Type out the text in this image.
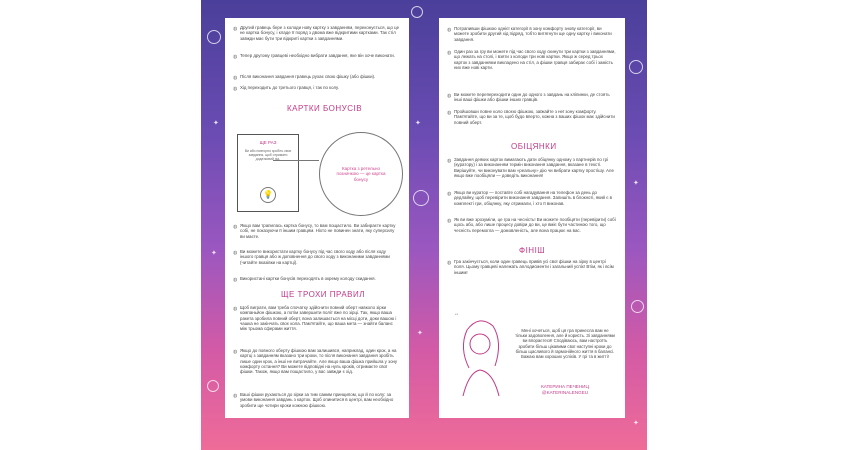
✦	✦
✦
✦
✦
✦
◍ Другий гравець бере з колоди нову картку з завданням, переконується, що це не картка бонусу, і кладе її поряд з двома вже відкритими картками. Так стіл завжди має бути три відкриті картки з завданнями.
◍ Тепер другому гравцеві необхідно вибрати завдання, яке він хоче виконати.
◍ Після виконання завдання гравець рухає свою фішку (або фішки).
◍ Хід переходить до третього гравця, і так по колу.
КАРТКИ БОНУСІВ
ЩЕ РАЗ
Ви або повторно зробіть своє завдання, щоб отримати додатковий хід.
💡
Картка з ретельно позначкою — це картка бонусу
◍ Якщо вам трапилась картка бонусу, то вам пощастило. Ви забираєте картку собі, не показуючи її іншим гравцям. Ніхто не повинен знати, яку суперсилу ви маєте.
◍ Ви можете використати картку бонусу під час свого ходу або після ходу іншого гравця або ж доповнення до свого ходу з виконаними завданнями (читайте вказівки на картці).
◍ Використані картки бонусів переходять в окрему колоду скидання.
ЩЕ ТРОХИ ПРАВИЛ
◍ Щоб виграти, вам треба спочатку здійснити повний оберт навколо зірки компаньйон фішкою, а потім завершити політ вже по зірці. Так, якщо ваша ракета зробила повний оберт, вона залишається на місці доти, доки вашою і чашка не закінчать своє кола. Пам'ятайте, що ваша мета — знайти баланс між трьома сферами життя.
◍ Якщо до повного оберту фішкою вам залишився, наприклад, один крок, а на картці з завданням вказано три кроки, то після виконання завдання зробіть лише один крок, а інші не витрачайте. Але якщо ваша фішка прийшла у зону комфорту остання? Ви можете відповідні на нуль кроків, отримаєте свої фішки. Також, якщо вам пощастило, у вас завжди є хід.
◍ Ваші фішки рухаються до зірки за тим самим принципом, що й по колу: за умови виконання завдань з карток. Щоб опинитися в центрі, вам необхідно зробити ще чотири кроки кожною фішкою.
◍ Потрапивши фішкою однієї категорії в зону комфорту знову категорії, ви можете зробити другий хід підряд, тобто витягнути ще одну картку і виконати завдання.
◍ Один раз за гру ви можете під час свого ходу скинути три картки з завданнями, що лежать на столі, і взяти з колоди три нові картки. Якщо ж серед трьох карток з завданнями викладено на стіл, а фішки гравця забирає собі і замість них вже нові карти.
◍ Ви можете перепереходити один до одного з завдань на кліпинки, де стоять інші ваші фішки або фішки інших гравців.
◍ Пройшовши повне коло своєю фішкою, заїжайте з неї зону комфорту. Пам'ятайте, що ви за те, щоб будо вперто, кожна з ваших фішок має здійснити повний оберт.
ОБІЦЯНКИ
◍ Завдання деяких карток вимагають дати обіцянку одному з партнерів по грі (куратору) і за виконанням термін виконання завдання, вказане в тексті. Вирішуйте, чи виконувати вам «реальну» дію чи вибрати картку простішу. Але якщо вже пообіцяли — доведіть виконання!
◍ Якщо ви куратор — поставте собі нагадування на телефон за день до дедлайну, щоб перевірити виконання завдання. Запишіть в блокноті, який є в комплекті гри, обіцянку, яку отримали, і хто її виконав.
◍ Як ви вже зрозуміли, це гра на чесність! Ви можете пообіцяти (перевірити) собі щось або, або лише процесу довіри до ви, це вміє бути частиною того, що чесність перемогла — домовленість, але вона працює на вас.
ФІНІШ
◍ Гра закінчується, коли один гравець привів усі свої фішки на зірку в центрі поля. Цьому гравцеві належать аплодисменти і загальний успіх! Втім, як і всім іншим!
“
Мені хочеться, щоб ця гра принесла вам не тільки задоволення, але й користь. Зі завданнями ви впораєтеся! Сподіваюсь, вам настроїть зробити більш цікавими свої наступні кроки до більш щасливого й гармонійного життя в балансі. Бажаю вам хороших успіхів. У грі та в житті!
КАТЕРИНА ПЕЧЕНИЦ
@KATERINALENGEU
